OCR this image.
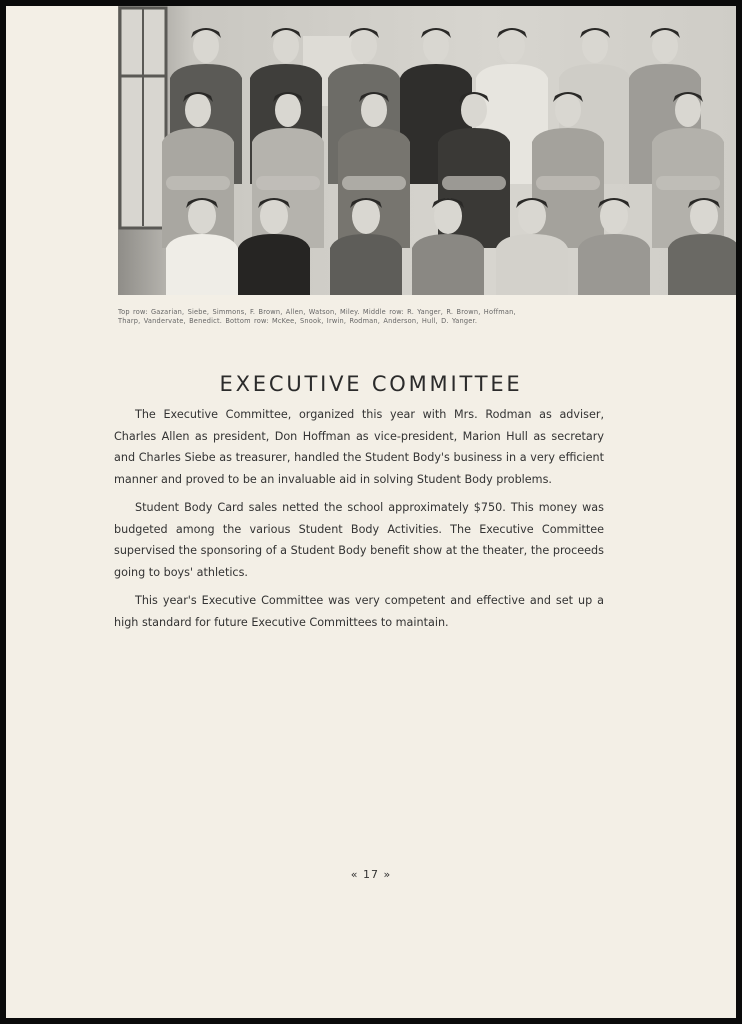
Top row: Gazarian, Siebe, Simmons, F. Brown, Allen, Watson, Miley. Middle row: R. Yanger, R. Brown, Hoffman,
Tharp, Vandervate, Benedict. Bottom row: McKee, Snook, Irwin, Rodman, Anderson, Hull, D. Yanger.
EXECUTIVE COMMITTEE

The Executive Committee, organized this year with Mrs. Rodman as adviser, Charles Allen as president, Don Hoffman as vice-president, Marion Hull as secretary and Charles Siebe as treasurer, handled the Student Body's business in a very efficient manner and proved to be an invaluable aid in solving Student Body problems.

Student Body Card sales netted the school approximately $750. This money was budgeted among the various Student Body Activities. The Executive Committee supervised the sponsoring of a Student Body benefit show at the theater, the proceeds going to boys' athletics.

This year's Executive Committee was very competent and effective and set up a high standard for future Executive Committees to maintain.

« 17 »
